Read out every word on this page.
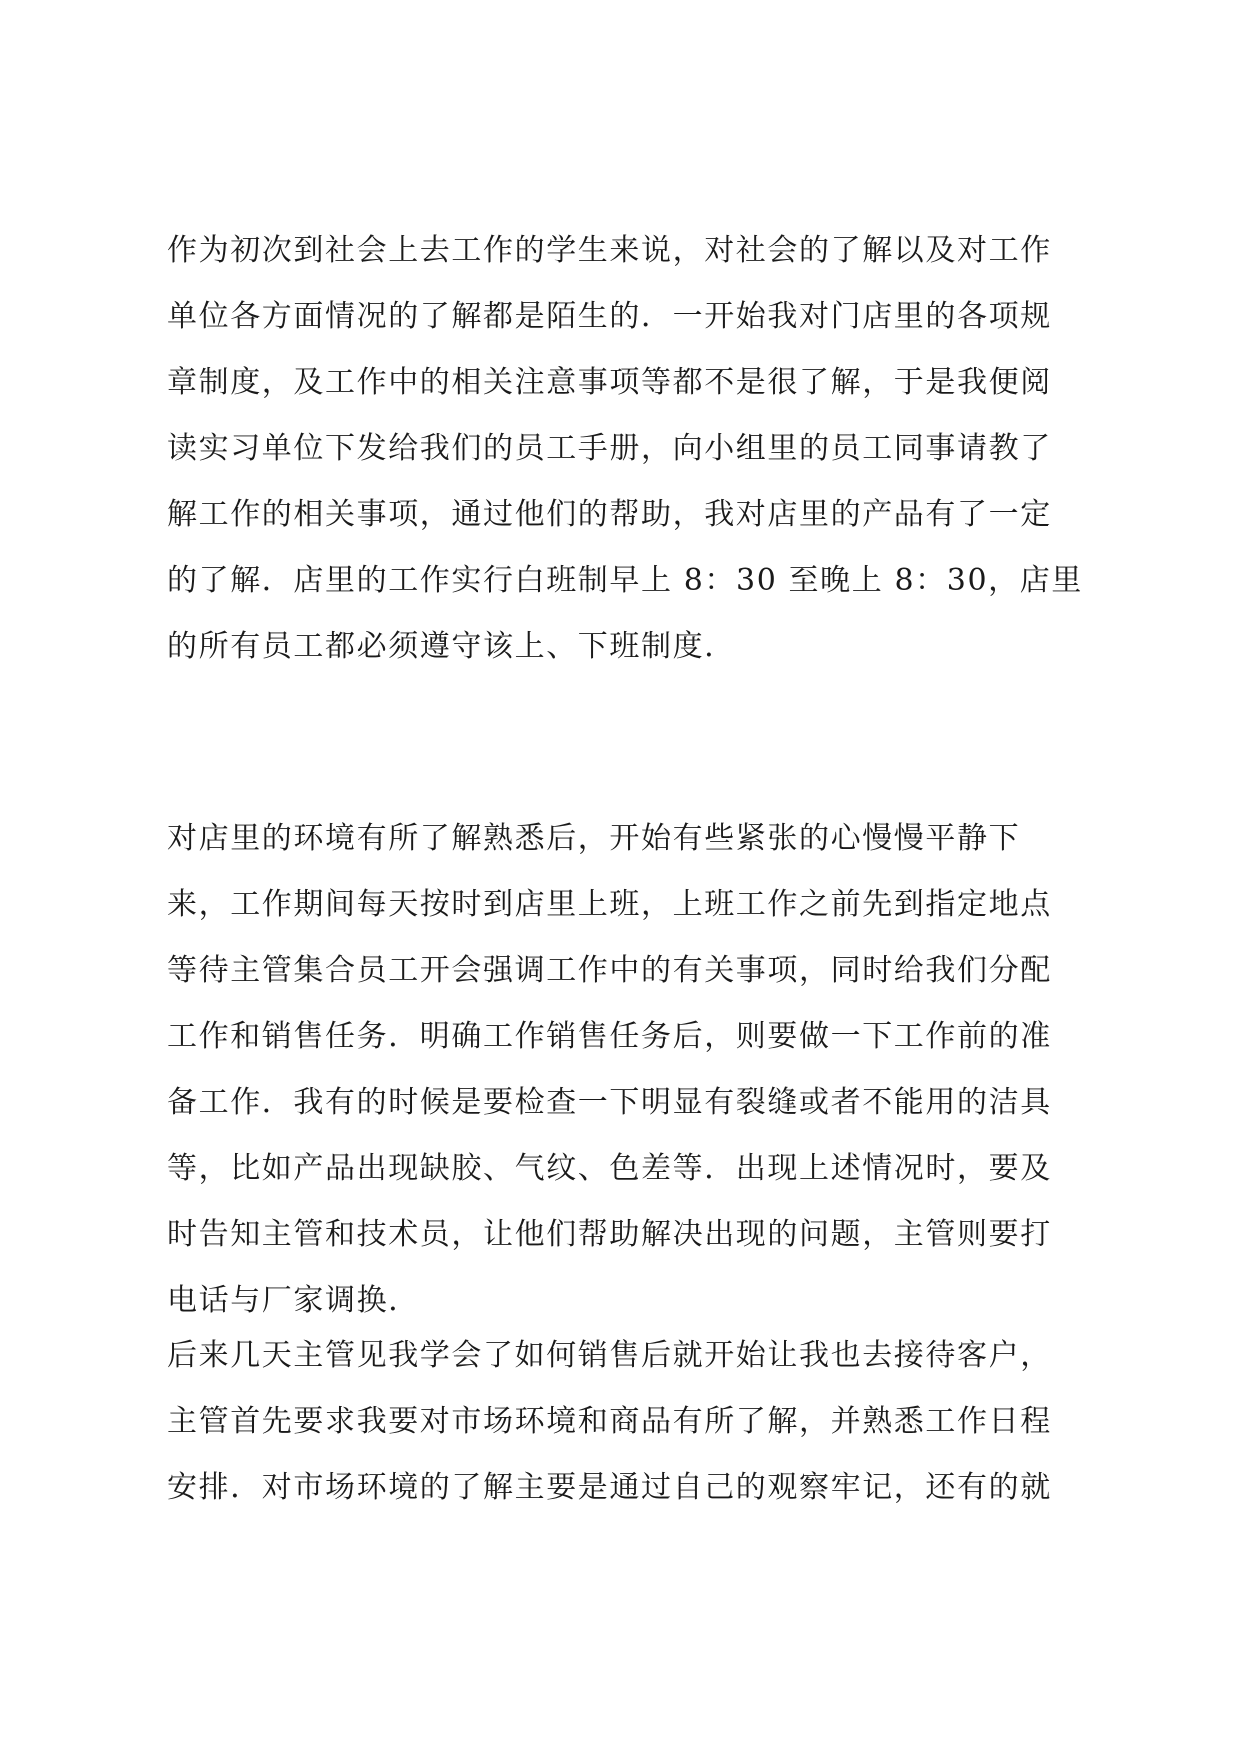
作为初次到社会上去工作的学生来说，对社会的了解以及对工作
单位各方面情况的了解都是陌生的．一开始我对门店里的各项规
章制度，及工作中的相关注意事项等都不是很了解，于是我便阅
读实习单位下发给我们的员工手册，向小组里的员工同事请教了
解工作的相关事项，通过他们的帮助，我对店里的产品有了一定
的了解．店里的工作实行白班制早上 8：30 至晚上 8：30，店里
的所有员工都必须遵守该上、下班制度．
对店里的环境有所了解熟悉后，开始有些紧张的心慢慢平静下
来，工作期间每天按时到店里上班，上班工作之前先到指定地点
等待主管集合员工开会强调工作中的有关事项，同时给我们分配
工作和销售任务．明确工作销售任务后，则要做一下工作前的准
备工作．我有的时候是要检查一下明显有裂缝或者不能用的洁具
等，比如产品出现缺胶、气纹、色差等．出现上述情况时，要及
时告知主管和技术员，让他们帮助解决出现的问题，主管则要打
电话与厂家调换．
后来几天主管见我学会了如何销售后就开始让我也去接待客户，
主管首先要求我要对市场环境和商品有所了解，并熟悉工作日程
安排．对市场环境的了解主要是通过自己的观察牢记，还有的就
